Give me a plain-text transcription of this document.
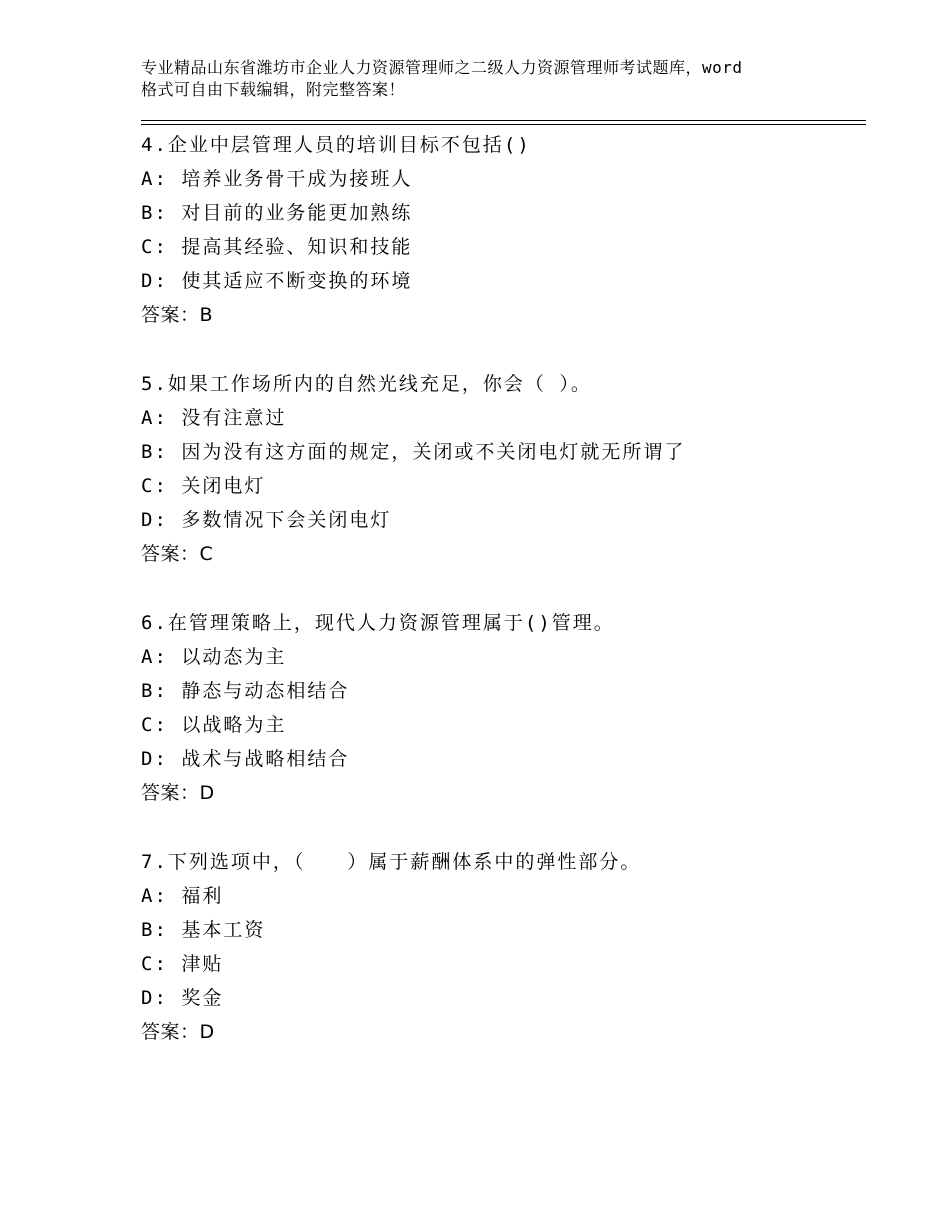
专业精品山东省潍坊市企业人力资源管理师之二级人力资源管理师考试题库，word
格式可自由下载编辑，附完整答案！
4.企业中层管理人员的培训目标不包括()
A: 培养业务骨干成为接班人
B: 对目前的业务能更加熟练
C: 提高其经验、知识和技能
D: 使其适应不断变换的环境
答案：B
5.如果工作场所内的自然光线充足，你会（ ）。
A: 没有注意过
B: 因为没有这方面的规定，关闭或不关闭电灯就无所谓了
C: 关闭电灯
D: 多数情况下会关闭电灯
答案：C
6.在管理策略上，现代人力资源管理属于()管理。
A: 以动态为主
B: 静态与动态相结合
C: 以战略为主
D: 战术与战略相结合
答案：D
7.下列选项中，（　　）属于薪酬体系中的弹性部分。
A: 福利
B: 基本工资
C: 津贴
D: 奖金
答案：D
